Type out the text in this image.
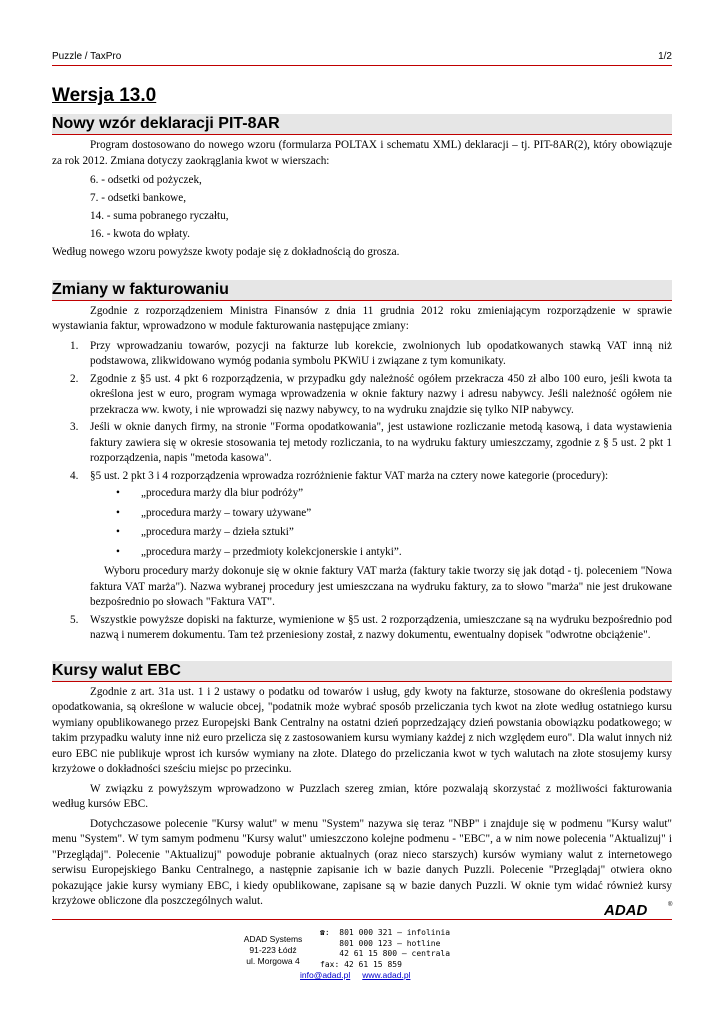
Puzzle / TaxPro	1/2
Wersja 13.0
Nowy wzór deklaracji PIT-8AR

Program dostosowano do nowego wzoru (formularza POLTAX i schematu XML) deklaracji – tj. PIT-8AR(2), który obowiązuje za rok 2012. Zmiana dotyczy zaokrąglania kwot w wierszach:

6. - odsetki od pożyczek,
7. - odsetki bankowe,
14. - suma pobranego ryczałtu,
16. - kwota do wpłaty.

Według nowego wzoru powyższe kwoty podaje się z dokładnością do grosza.

Zmiany w fakturowaniu

Zgodnie z rozporządzeniem Ministra Finansów z dnia 11 grudnia 2012 roku zmieniającym rozporządzenie w sprawie wystawiania faktur, wprowadzono w module fakturowania następujące zmiany:

1. Przy wprowadzaniu towarów, pozycji na fakturze lub korekcie, zwolnionych lub opodatkowanych stawką VAT inną niż podstawowa, zlikwidowano wymóg podania symbolu PKWiU i związane z tym komunikaty.
2. Zgodnie z §5 ust. 4 pkt 6 rozporządzenia, w przypadku gdy należność ogółem przekracza 450 zł albo 100 euro, jeśli kwota ta określona jest w euro, program wymaga wprowadzenia w oknie faktury nazwy i adresu nabywcy. Jeśli należność ogółem nie przekracza ww. kwoty, i nie wprowadzi się nazwy nabywcy, to na wydruku znajdzie się tylko NIP nabywcy.
3. Jeśli w oknie danych firmy, na stronie "Forma opodatkowania", jest ustawione rozliczanie metodą kasową, i data wystawienia faktury zawiera się w okresie stosowania tej metody rozliczania, to na wydruku faktury umieszczamy, zgodnie z § 5 ust. 2 pkt 1 rozporządzenia, napis "metoda kasowa".
4. §5 ust. 2 pkt 3 i 4 rozporządzenia wprowadza rozróżnienie faktur VAT marża na cztery nowe kategorie (procedury):
• „procedura marży dla biur podróży”
• „procedura marży – towary używane”
• „procedura marży – dzieła sztuki”
• „procedura marży – przedmioty kolekcjonerskie i antyki”.

Wyboru procedury marży dokonuje się w oknie faktury VAT marża (faktury takie tworzy się jak dotąd - tj. poleceniem "Nowa faktura VAT marża"). Nazwa wybranej procedury jest umieszczana na wydruku faktury, za to słowo "marża" nie jest drukowane bezpośrednio po słowach "Faktura VAT".

5. Wszystkie powyższe dopiski na fakturze, wymienione w §5 ust. 2 rozporządzenia, umieszczane są na wydruku bezpośrednio pod nazwą i numerem dokumentu. Tam też przeniesiony został, z nazwy dokumentu, ewentualny dopisek "odwrotne obciążenie".
Kursy walut EBC

Zgodnie z art. 31a ust. 1 i 2 ustawy o podatku od towarów i usług, gdy kwoty na fakturze, stosowane do określenia podstawy opodatkowania, są określone w walucie obcej, "podatnik może wybrać sposób przeliczania tych kwot na złote według ostatniego kursu wymiany opublikowanego przez Europejski Bank Centralny na ostatni dzień poprzedzający dzień powstania obowiązku podatkowego; w takim przypadku waluty inne niż euro przelicza się z zastosowaniem kursu wymiany każdej z nich względem euro". Dla walut innych niż euro EBC nie publikuje wprost ich kursów wymiany na złote. Dlatego do przeliczania kwot w tych walutach na złote stosujemy kursy krzyżowe o dokładności sześciu miejsc po przecinku.

W związku z powyższym wprowadzono w Puzzlach szereg zmian, które pozwalają skorzystać z możliwości fakturowania według kursów EBC.

Dotychczasowe polecenie "Kursy walut" w menu "System" nazywa się teraz "NBP" i znajduje się w podmenu "Kursy walut" menu "System". W tym samym podmenu "Kursy walut" umieszczono kolejne podmenu - "EBC", a w nim nowe polecenia "Aktualizuj" i "Przeglądaj". Polecenie "Aktualizuj" powoduje pobranie aktualnych (oraz nieco starszych) kursów wymiany walut z internetowego serwisu Europejskiego Banku Centralnego, a następnie zapisanie ich w bazie danych Puzzli. Polecenie "Przeglądaj" otwiera okno pokazujące jakie kursy wymiany EBC, i kiedy opublikowane, zapisane są w bazie danych Puzzli. W oknie tym widać również kursy krzyżowe obliczone dla poszczególnych walut.

ADAD	®
ADAD Systems
91-223 Łódź
ul. Morgowa 4
☎: 801 000 321 – infolinia
801 000 123 – hotline
42 61 15 800 – centrala
fax: 42 61 15 859
info@adad.pl www.adad.pl
